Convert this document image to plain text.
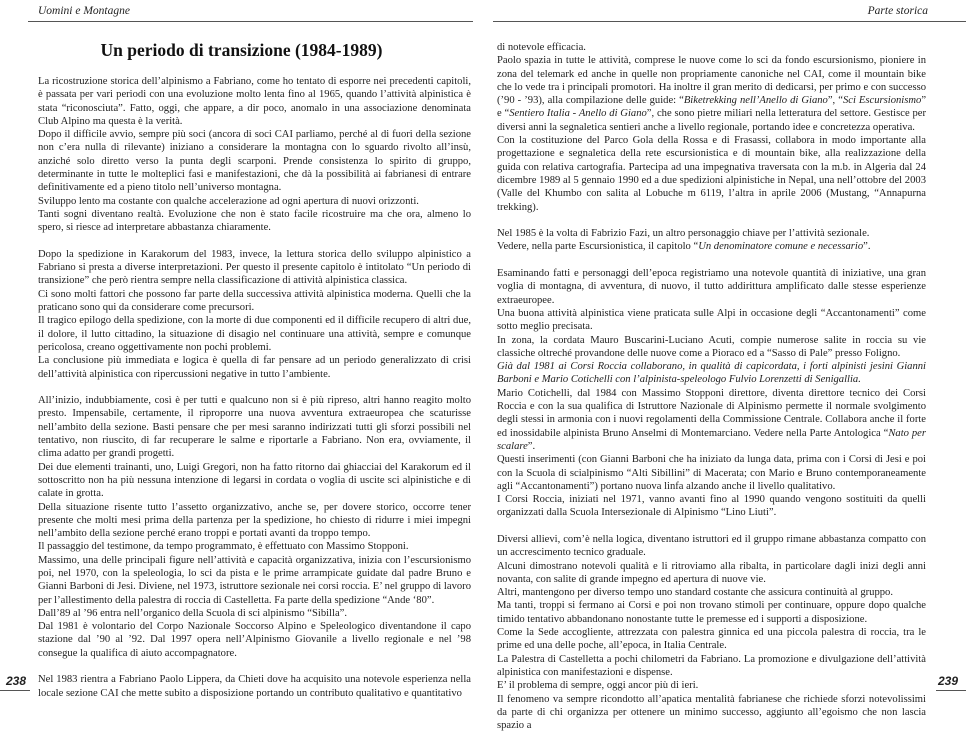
Uomini e Montagne
Un periodo di transizione (1984-1989)

La ricostruzione storica dell’alpinismo a Fabriano, come ho tentato di esporre nei precedenti capitoli, è passata per vari periodi con una evoluzione molto lenta fino al 1965, quando l’attività alpinistica è stata “riconosciuta”. Fatto, oggi, che appare, a dir poco, anomalo in una associazione denominata Club Alpino ma questa è la verità.

Dopo il difficile avvio, sempre più soci (ancora di soci CAI parliamo, perché al di fuori della sezione non c’era nulla di rilevante) iniziano a considerare la montagna con lo sguardo rivolto all’insù, anziché solo diretto verso la punta degli scarponi. Prende consistenza lo spirito di gruppo, determinante in tutte le molteplici fasi e manifestazioni, che dà la possibilità ai fabrianesi di entrare definitivamente ed a pieno titolo nell’universo montagna.

Sviluppo lento ma costante con qualche accelerazione ad ogni apertura di nuovi orizzonti.

Tanti sogni diventano realtà. Evoluzione che non è stato facile ricostruire ma che ora, almeno lo spero, si riesce ad interpretare abbastanza chiaramente.

Dopo la spedizione in Karakorum del 1983, invece, la lettura storica dello sviluppo alpinistico a Fabriano si presta a diverse interpretazioni. Per questo il presente capitolo è intitolato “Un periodo di transizione” che però rientra sempre nella classificazione di attività alpinistica classica.

Ci sono molti fattori che possono far parte della successiva attività alpinistica moderna. Quelli che la praticano sono qui da considerare come precursori.

Il tragico epilogo della spedizione, con la morte di due componenti ed il difficile recupero di altri due, il dolore, il lutto cittadino, la situazione di disagio nel continuare una attività, sempre e comunque pericolosa, creano oggettivamente non pochi problemi.

La conclusione più immediata e logica è quella di far pensare ad un periodo generalizzato di crisi dell’attività alpinistica con ripercussioni negative in tutto l’ambiente.

All’inizio, indubbiamente, così è per tutti e qualcuno non si è più ripreso, altri hanno reagito molto presto. Impensabile, certamente, il riproporre una nuova avventura extraeuropea che scaturisse nell’ambito della sezione. Basti pensare che per mesi saranno indirizzati tutti gli sforzi possibili nel tentativo, non riuscito, di far recuperare le salme e riportarle a Fabriano. Non era, ovviamente, il clima adatto per grandi progetti.

Dei due elementi trainanti, uno, Luigi Gregori, non ha fatto ritorno dai ghiacciai del Karakorum ed il sottoscritto non ha più nessuna intenzione di legarsi in cordata o voglia di uscite sci alpinistiche e di calate in grotta.

Della situazione risente tutto l’assetto organizzativo, anche se, per dovere storico, occorre tener presente che molti mesi prima della partenza per la spedizione, ho chiesto di ridurre i miei impegni nell’ambito della sezione perché erano troppi e portati avanti da troppo tempo.

Il passaggio del testimone, da tempo programmato, è effettuato con Massimo Stopponi.

Massimo, una delle principali figure nell’attività e capacità organizzativa, inizia con l’escursionismo poi, nel 1970, con la speleologia, lo sci da pista e le prime arrampicate guidate dal padre Bruno e Gianni Barboni di Jesi. Diviene, nel 1973, istruttore sezionale nei corsi roccia. E’ nel gruppo di lavoro per l’allestimento della palestra di roccia di Castelletta. Fa parte della spedizione “Ande ‘80”.

Dall’89 al ’96 entra nell’organico della Scuola di sci alpinismo “Sibilla”.

Dal 1981 è volontario del Corpo Nazionale Soccorso Alpino e Speleologico diventandone il capo stazione dal ’90 al ’92. Dal 1997 opera nell’Alpinismo Giovanile a livello regionale e nel ’98 consegue la qualifica di aiuto accompagnatore.

Nel 1983 rientra a Fabriano Paolo Lippera, da Chieti dove ha acquisito una notevole esperienza nella locale sezione CAI che mette subito a disposizione portando un contributo qualitativo e quantitativo

238
Parte storica

di notevole efficacia.

Paolo spazia in tutte le attività, comprese le nuove come lo sci da fondo escursionismo, pioniere in zona del telemark ed anche in quelle non propriamente canoniche nel CAI, come il mountain bike che lo vede tra i principali promotori. Ha inoltre il gran merito di dedicarsi, per primo e con successo (’90 - ’93), alla compilazione delle guide: “Biketrekking nell’Anello di Giano”, “Sci Escursionismo” e “Sentiero Italia - Anello di Giano”, che sono pietre miliari nella letteratura del settore. Gestisce per diversi anni la segnaletica sentieri anche a livello regionale, portando idee e concretezza operativa.

Con la costituzione del Parco Gola della Rossa e di Frasassi, collabora in modo importante alla progettazione e segnaletica della rete escursionistica e di mountain bike, alla realizzazione della guida con relativa cartografia. Partecipa ad una impegnativa traversata con la m.b. in Algeria dal 24 dicembre 1989 al 5 gennaio 1990 ed a due spedizioni alpinistiche in Nepal, una nell’ottobre del 2003 (Valle del Khumbo con salita al Lobuche m 6119, l’altra in aprile 2006 (Mustang, “Annapurna trekking).

Nel 1985 è la volta di Fabrizio Fazi, un altro personaggio chiave per l’attività sezionale.

Vedere, nella parte Escursionistica, il capitolo “Un denominatore comune e necessario”.

Esaminando fatti e personaggi dell’epoca registriamo una notevole quantità di iniziative, una gran voglia di montagna, di avventura, di nuovo, il tutto addirittura amplificato dalle stesse esperienze extraeuropee.

Una buona attività alpinistica viene praticata sulle Alpi in occasione degli “Accantonamenti” come sotto meglio precisata.

In zona, la cordata Mauro Buscarini-Luciano Acuti, compie numerose salite in roccia su vie classiche oltreché provandone delle nuove come a Pioraco ed a “Sasso di Pale” presso Foligno.

Già dal 1981 ai Corsi Roccia collaborano, in qualità di capicordata, i forti alpinisti jesini Gianni Barboni e Mario Cotichelli con l’alpinista-speleologo Fulvio Lorenzetti di Senigallia.

Mario Cotichelli, dal 1984 con Massimo Stopponi direttore, diventa direttore tecnico dei Corsi Roccia e con la sua qualifica di Istruttore Nazionale di Alpinismo permette il normale svolgimento degli stessi in armonia con i nuovi regolamenti della Commissione Centrale. Collabora anche il forte ed inossidabile alpinista Bruno Anselmi di Montemarciano. Vedere nella Parte Antologica “Nato per scalare”.

Questi inserimenti (con Gianni Barboni che ha iniziato da lunga data, prima con i Corsi di Jesi e poi con la Scuola di scialpinismo “Alti Sibillini” di Macerata; con Mario e Bruno contemporaneamente agli “Accantonamenti”) portano nuova linfa alzando anche il livello qualitativo.

I Corsi Roccia, iniziati nel 1971, vanno avanti fino al 1990 quando vengono sostituiti da quelli organizzati dalla Scuola Intersezionale di Alpinismo “Lino Liuti”.

Diversi allievi, com’è nella logica, diventano istruttori ed il gruppo rimane abbastanza compatto con un accrescimento tecnico graduale.

Alcuni dimostrano notevoli qualità e li ritroviamo alla ribalta, in particolare dagli inizi degli anni novanta, con salite di grande impegno ed apertura di nuove vie.

Altri, mantengono per diverso tempo uno standard costante che assicura continuità al gruppo.

Ma tanti, troppi si fermano ai Corsi e poi non trovano stimoli per continuare, oppure dopo qualche timido tentativo abbandonano nonostante tutte le premesse ed i supporti a disposizione.

Come la Sede accogliente, attrezzata con palestra ginnica ed una piccola palestra di roccia, tra le prime ed una delle poche, all’epoca, in Italia Centrale.

La Palestra di Castelletta a pochi chilometri da Fabriano. La promozione e divulgazione dell’attività alpinistica con manifestazioni e dispense.

E’ il problema di sempre, oggi ancor più di ieri.

Il fenomeno va sempre ricondotto all’apatica mentalità fabrianese che richiede sforzi notevolissimi da parte di chi organizza per ottenere un minimo successo, aggiunto all’egoismo che non lascia spazio a

239
